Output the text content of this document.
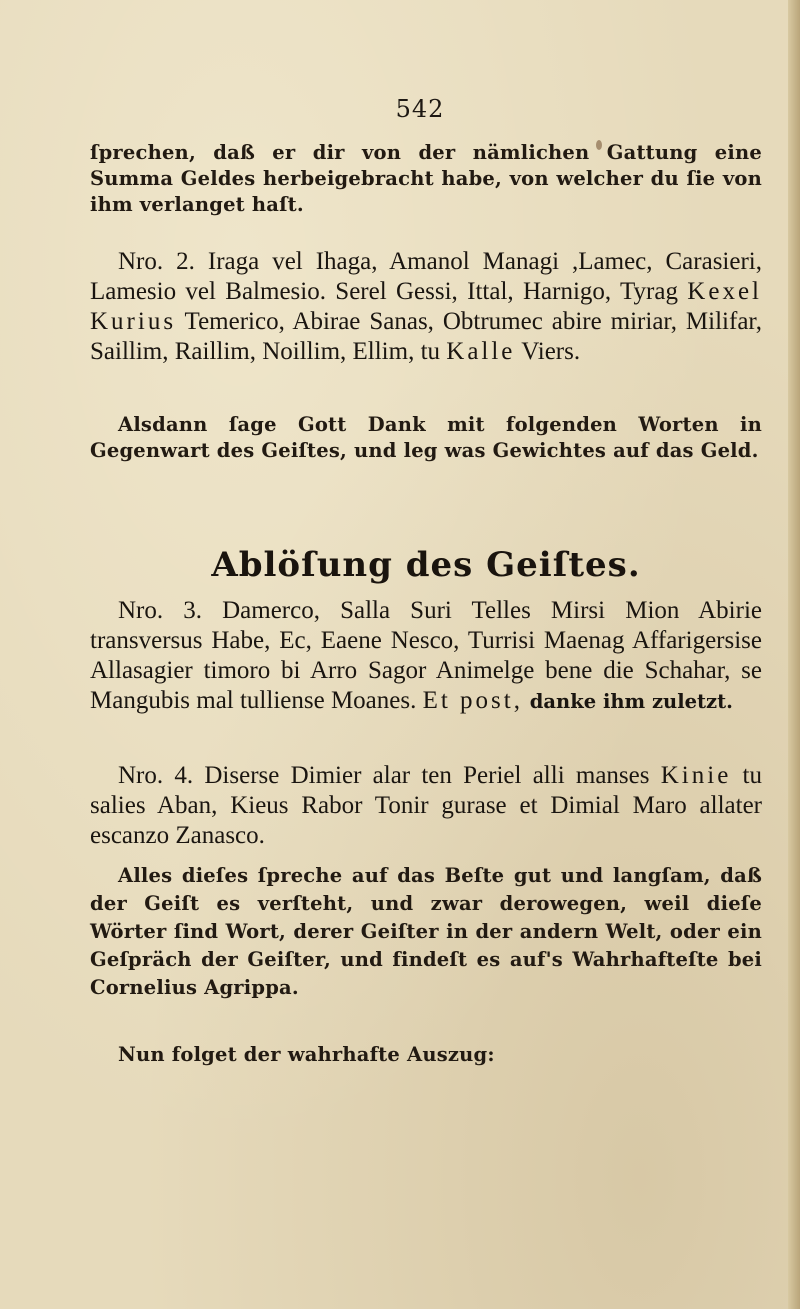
542

ſprechen, daß er dir von der nämlichen Gattung eine Summa Geldes herbeigebracht habe, von welcher du ſie von ihm verlanget haſt.

Nro. 2. Iraga vel Ihaga, Amanol Managi ,Lamec, Carasieri, Lamesio vel Balmesio. Serel Gessi, Ittal, Harnigo, Tyrag Kexel Kurius Temerico, Abirae Sanas, Obtrumec abire miriar, Milifar, Saillim, Raillim, Noillim, Ellim, tu Kalle Viers.

Alsdann ſage Gott Dank mit folgenden Worten in Gegenwart des Geiſtes, und leg was Gewichtes auf das Geld.

Ablöſung des Geiſtes.

Nro. 3. Damerco, Salla Suri Telles Mirsi Mion Abirie transversus Habe, Ec, Eaene Nesco, Turrisi Maenag Affarigersise Allasagier timoro bi Arro Sagor Animelge bene die Schahar, se Mangubis mal tulliense Moanes. Et post, danke ihm zuletzt.

Nro. 4. Diserse Dimier alar ten Periel alli manses Kinie tu salies Aban, Kieus Rabor Tonir gurase et Dimial Maro allater escanzo Zanasco.

Alles dieſes ſpreche auf das Beſte gut und langſam, daß der Geiſt es verſteht, und zwar derowegen, weil dieſe Wörter ſind Wort, derer Geiſter in der andern Welt, oder ein Geſpräch der Geiſter, und findeſt es auf's Wahrhafteſte bei Cornelius Agrippa.

Nun folget der wahrhafte Auszug:
